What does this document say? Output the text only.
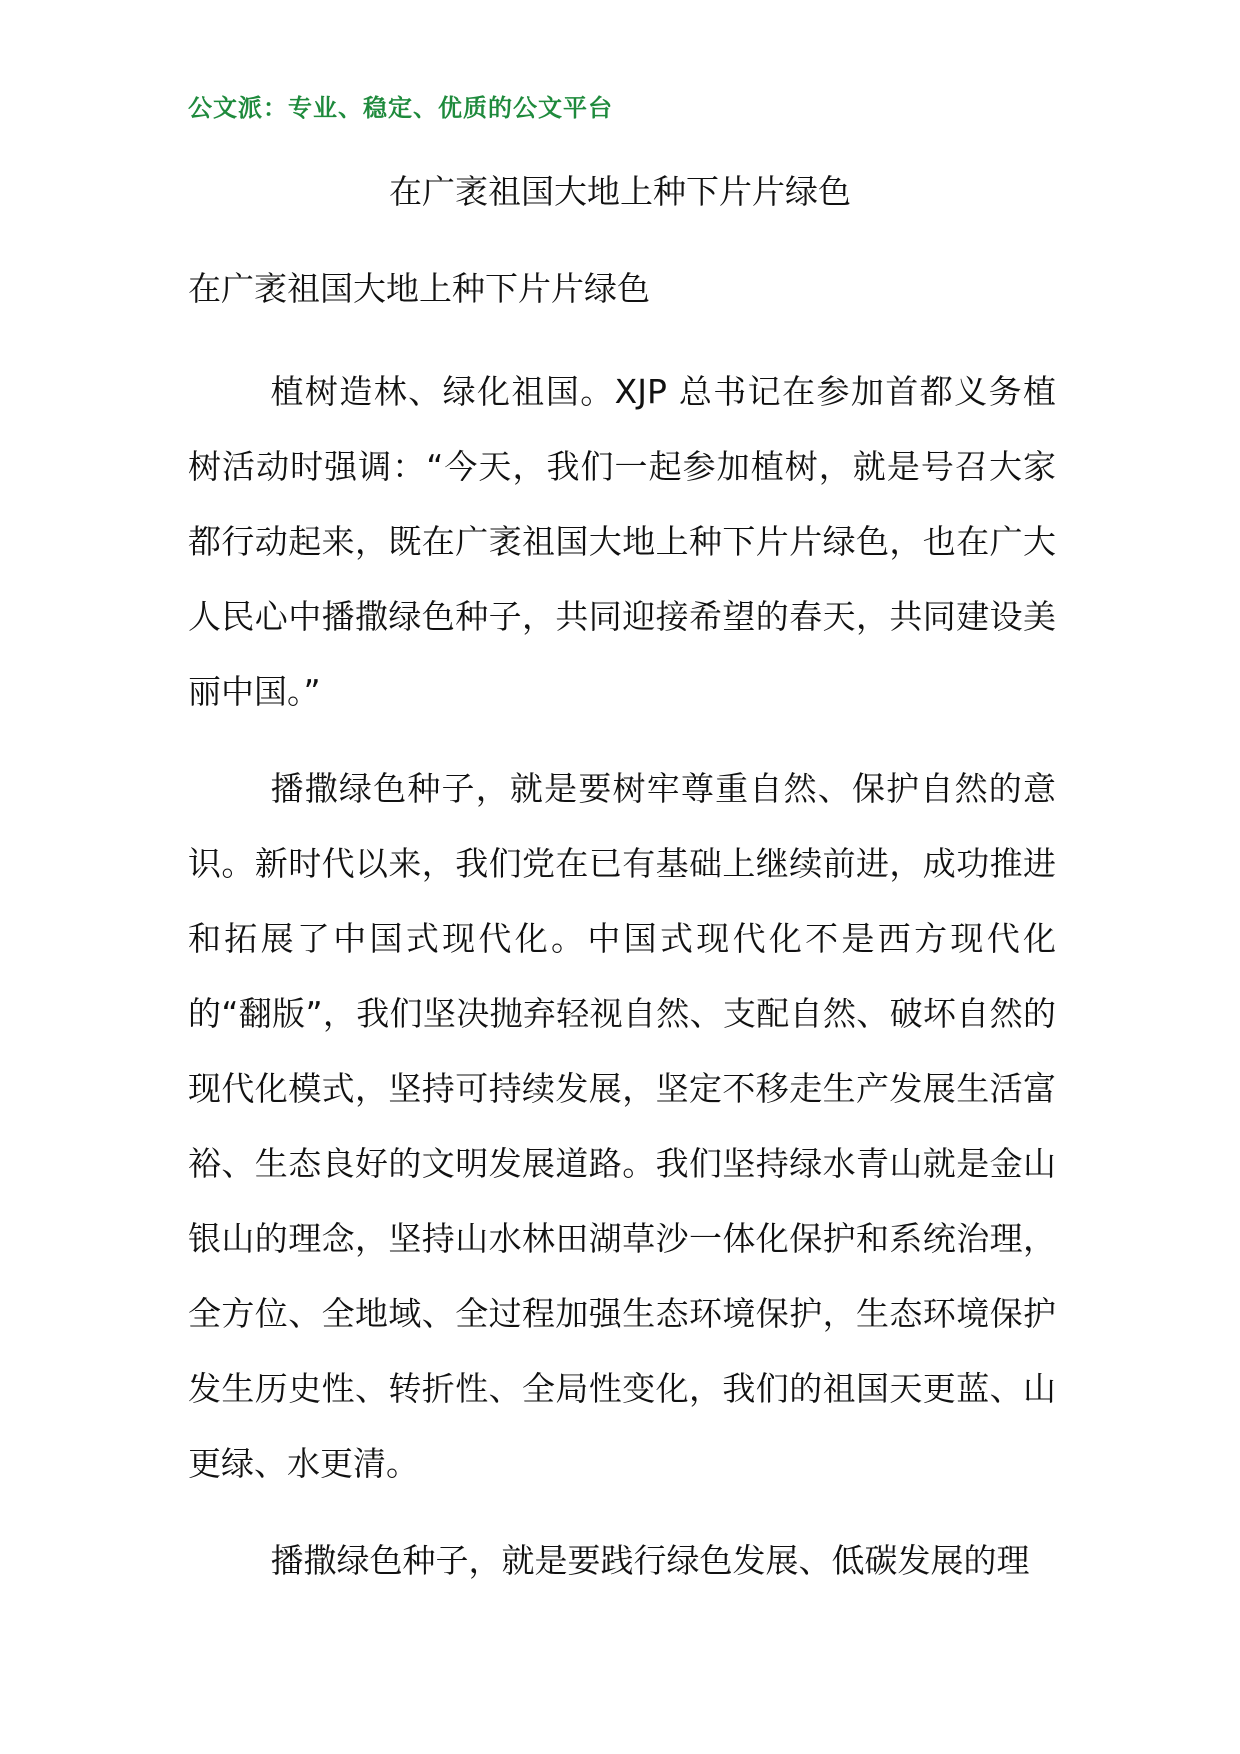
公文派：专业、稳定、优质的公文平台
在广袤祖国大地上种下片片绿色
在广袤祖国大地上种下片片绿色

植树造林、绿化祖国。XJP 总书记在参加首都义务植树活动时强调：“今天，我们一起参加植树，就是号召大家都行动起来，既在广袤祖国大地上种下片片绿色，也在广大人民心中播撒绿色种子，共同迎接希望的春天，共同建设美丽中国。”

播撒绿色种子，就是要树牢尊重自然、保护自然的意识。新时代以来，我们党在已有基础上继续前进，成功推进和拓展了中国式现代化。中国式现代化不是西方现代化的“翻版”，我们坚决抛弃轻视自然、支配自然、破坏自然的现代化模式，坚持可持续发展，坚定不移走生产发展生活富裕、生态良好的文明发展道路。我们坚持绿水青山就是金山银山的理念，坚持山水林田湖草沙一体化保护和系统治理，全方位、全地域、全过程加强生态环境保护，生态环境保护发生历史性、转折性、全局性变化，我们的祖国天更蓝、山更绿、水更清。

播撒绿色种子，就是要践行绿色发展、低碳发展的理
